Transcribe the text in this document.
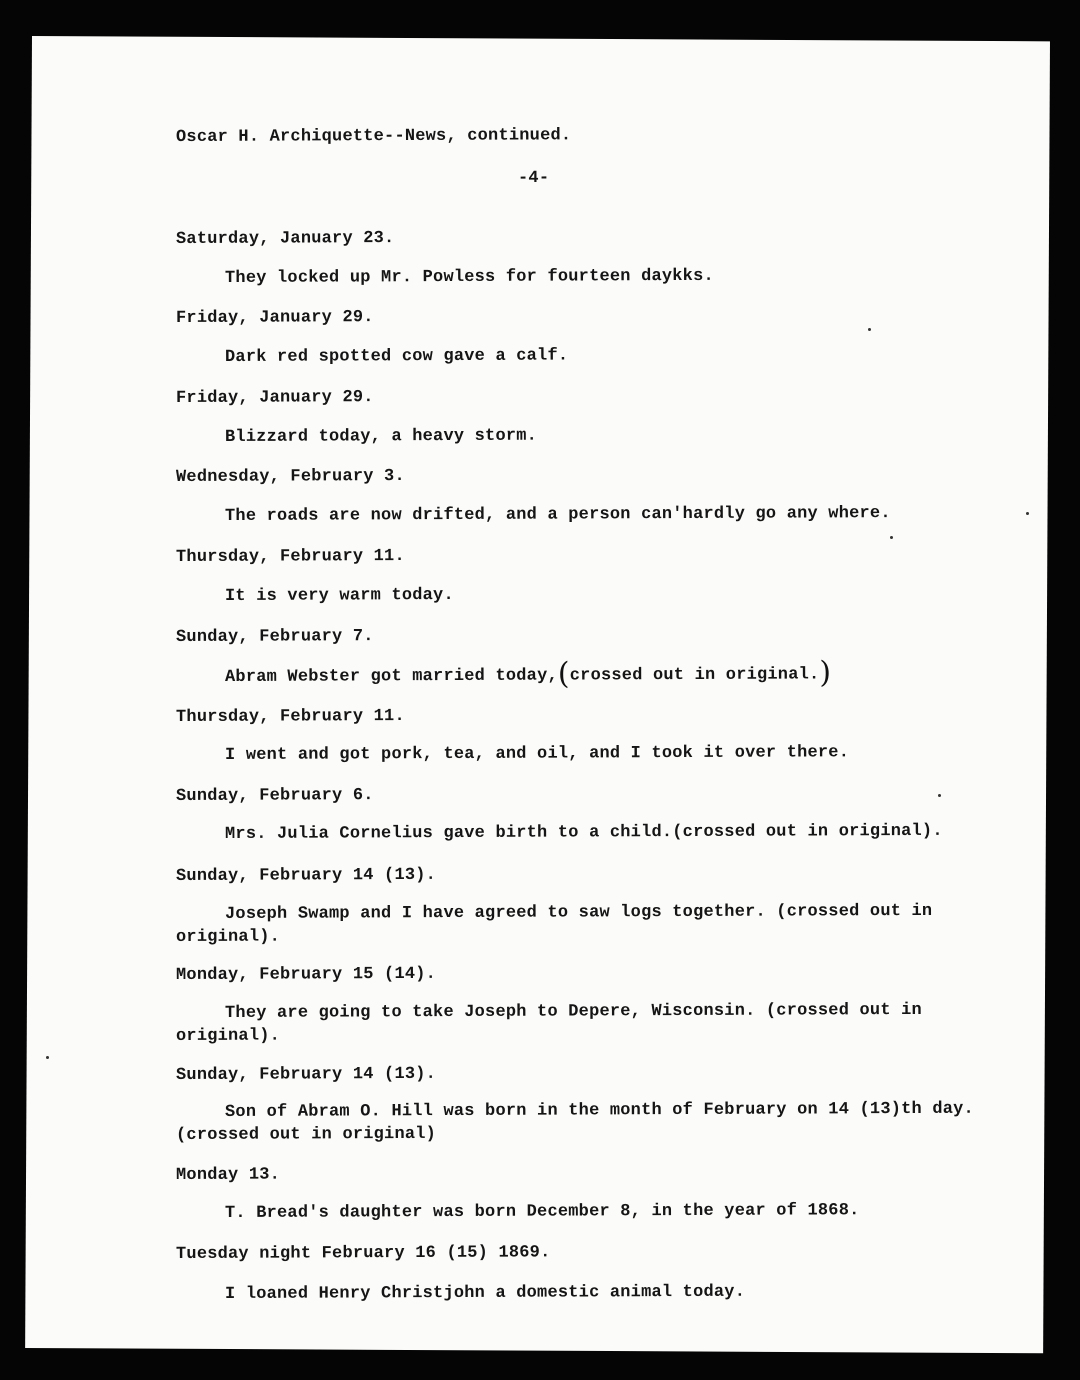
Oscar H. Archiquette--News, continued.
-4-
Saturday, January 23.
They locked up Mr. Powless for fourteen daykks.
Friday, January 29.
Dark red spotted cow gave a calf.
Friday, January 29.
Blizzard today, a heavy storm.
Wednesday, February 3.
The roads are now drifted, and a person can'hardly go any where.
Thursday, February 11.
It is very warm today.
Sunday, February 7.
Abram Webster got married today,(crossed out in original.)
Thursday, February 11.
I went and got pork, tea, and oil, and I took it over there.
Sunday, February 6.
Mrs. Julia Cornelius gave birth to a child.(crossed out in original).
Sunday, February 14 (13).
Joseph Swamp and I have agreed to saw logs together. (crossed out in
original).
Monday, February 15 (14).
They are going to take Joseph to Depere, Wisconsin. (crossed out in
original).
Sunday, February 14 (13).
Son of Abram O. Hill was born in the month of February on 14 (13)th day.
(crossed out in original)
Monday 13.
T. Bread's daughter was born December 8, in the year of 1868.
Tuesday night February 16 (15) 1869.
I loaned Henry Christjohn a domestic animal today.
